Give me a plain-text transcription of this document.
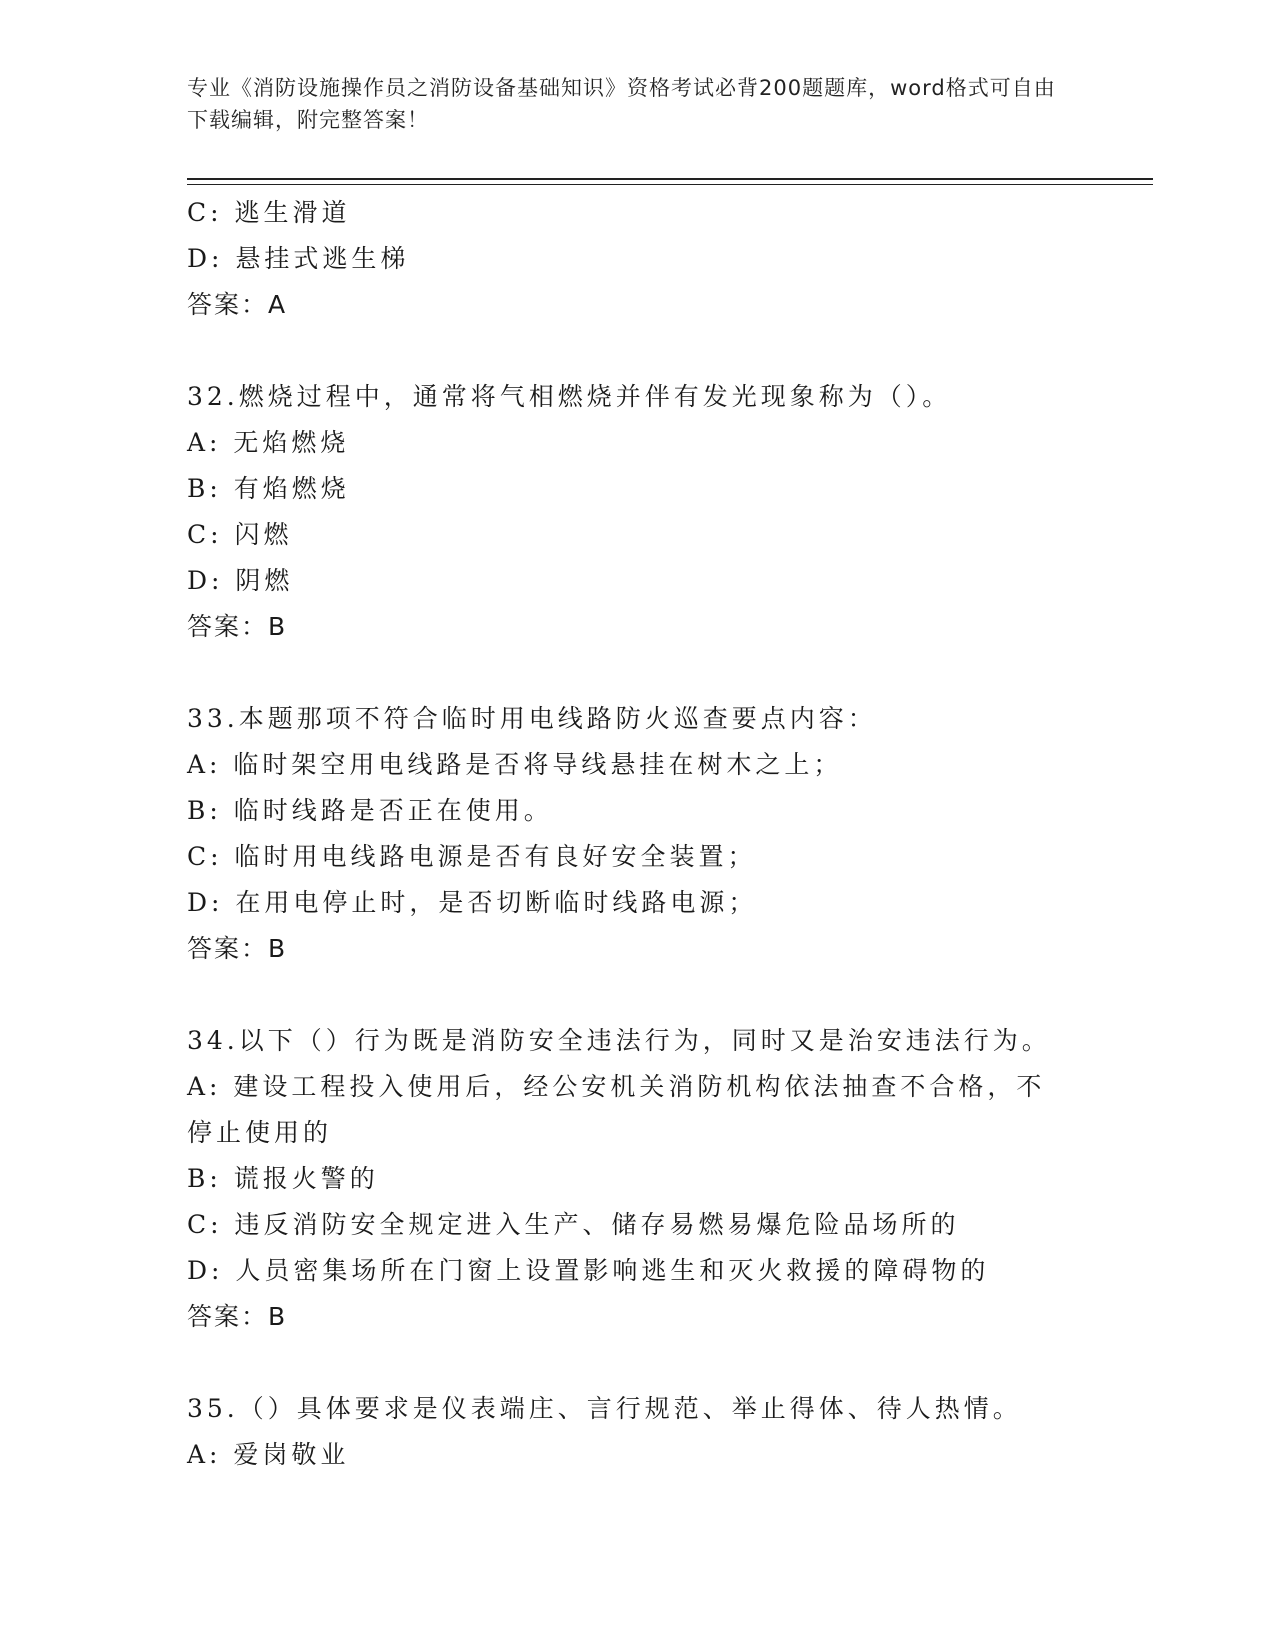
专业《消防设施操作员之消防设备基础知识》资格考试必背200题题库，word格式可自由下载编辑，附完整答案！
C: 逃生滑道
D: 悬挂式逃生梯
答案：A
32.燃烧过程中，通常将气相燃烧并伴有发光现象称为（）。
A: 无焰燃烧
B: 有焰燃烧
C: 闪燃
D: 阴燃
答案：B
33.本题那项不符合临时用电线路防火巡查要点内容：
A: 临时架空用电线路是否将导线悬挂在树木之上；
B: 临时线路是否正在使用。
C: 临时用电线路电源是否有良好安全装置；
D: 在用电停止时，是否切断临时线路电源；
答案：B
34.以下（）行为既是消防安全违法行为，同时又是治安违法行为。
A: 建设工程投入使用后，经公安机关消防机构依法抽查不合格，不停止使用的
B: 谎报火警的
C: 违反消防安全规定进入生产、储存易燃易爆危险品场所的
D: 人员密集场所在门窗上设置影响逃生和灭火救援的障碍物的
答案：B
35.（）具体要求是仪表端庄、言行规范、举止得体、待人热情。
A: 爱岗敬业
